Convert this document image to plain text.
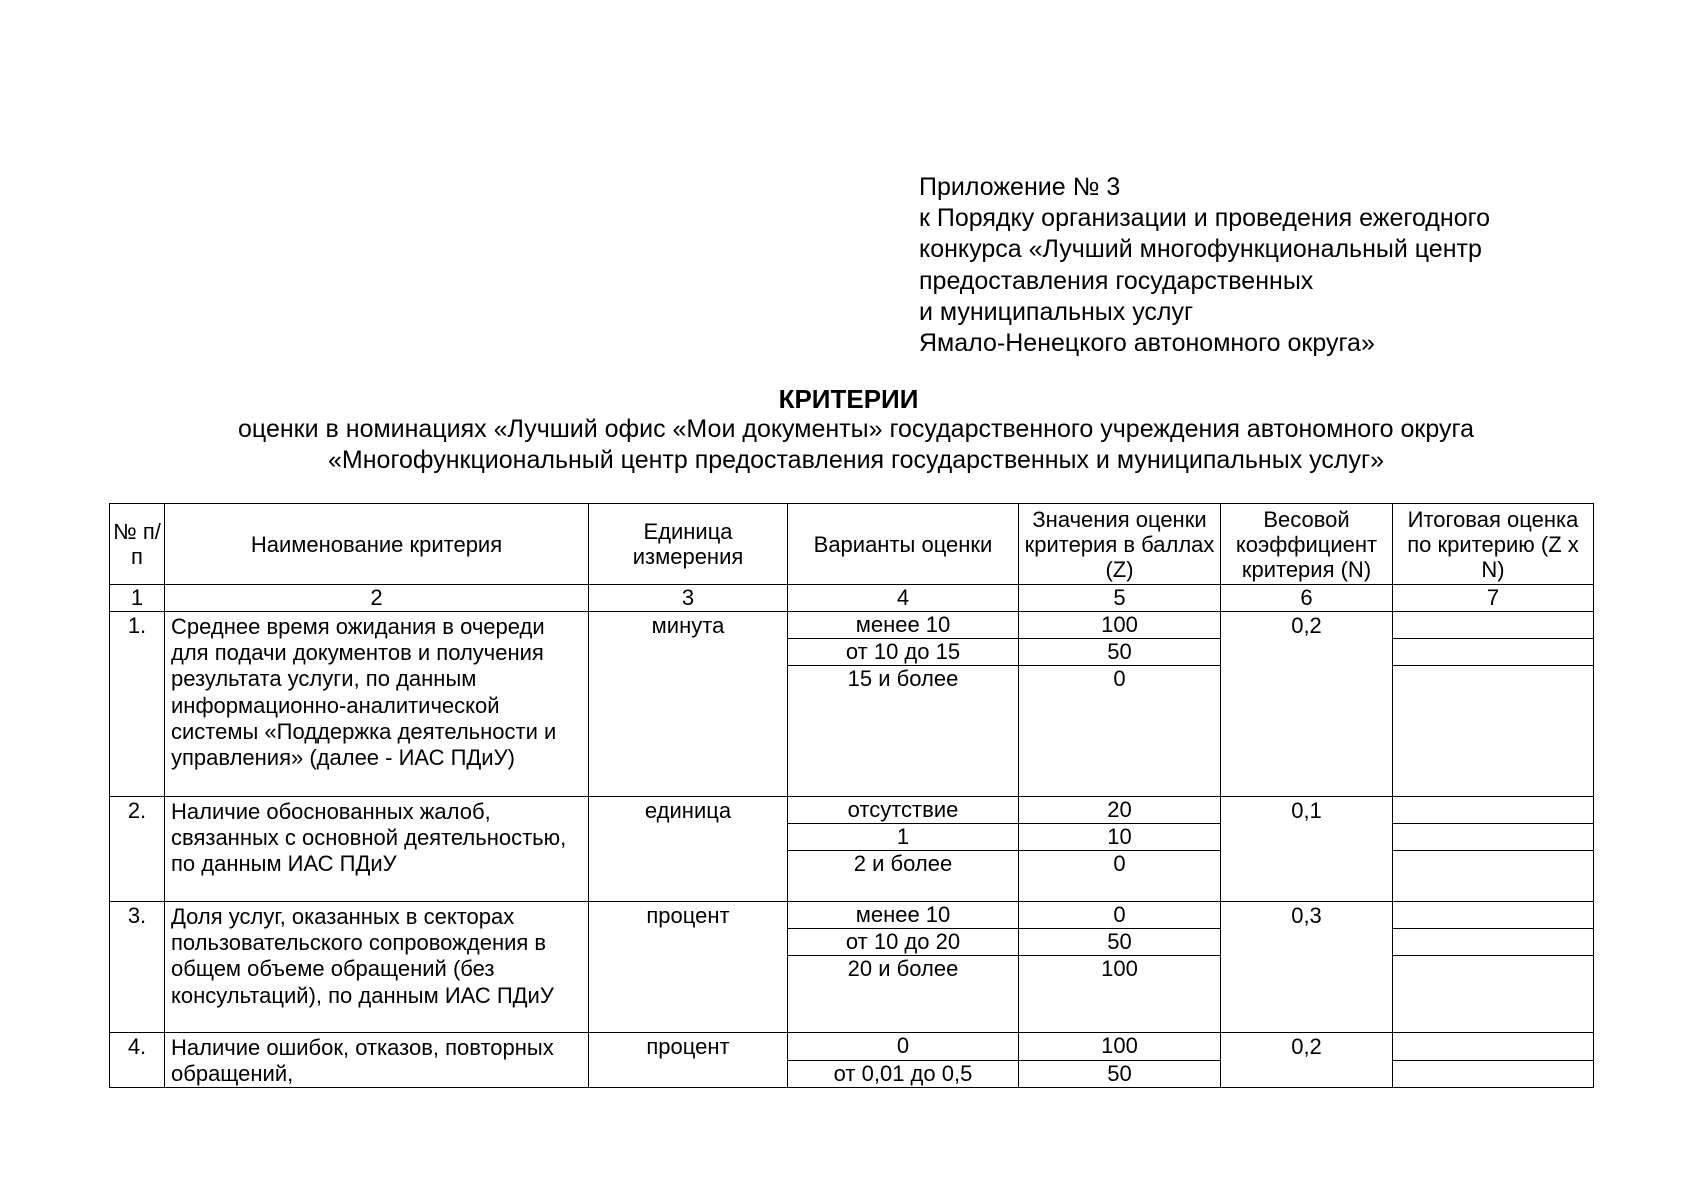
Приложение № 3
к Порядку организации и проведения ежегодного
конкурса «Лучший многофункциональный центр
предоставления государственных
и муниципальных услуг
Ямало-Ненецкого автономного округа»
КРИТЕРИИ
оценки в номинациях «Лучший офис «Мои документы» государственного учреждения автономного округа
«Многофункциональный центр предоставления государственных и муниципальных услуг»
№ п/п	Наименование критерия	Единица измерения	Варианты оценки	Значения оценки критерия в баллах (Z)	Весовой коэффициент критерия (N)	Итоговая оценка по критерию (Z x N)
1	2	3	4	5	6	7
1.	Среднее время ожидания в очереди для подачи документов и получения результата услуги, по данным информационно-аналитической системы «Поддержка деятельности и управления» (далее - ИАС ПДиУ)	минута	менее 10	100	0,2	
			от 10 до 15	50		
			15 и более	0		
2.	Наличие обоснованных жалоб, связанных с основной деятельностью, по данным ИАС ПДиУ	единица	отсутствие	20	0,1	
			1	10		
			2 и более	0		
3.	Доля услуг, оказанных в секторах пользовательского сопровождения в общем объеме обращений (без консультаций), по данным ИАС ПДиУ	процент	менее 10	0	0,3	
			от 10 до 20	50		
			20 и более	100		
4.	Наличие ошибок, отказов, повторных обращений,	процент	0	100	0,2	
			от 0,01 до 0,5	50		
